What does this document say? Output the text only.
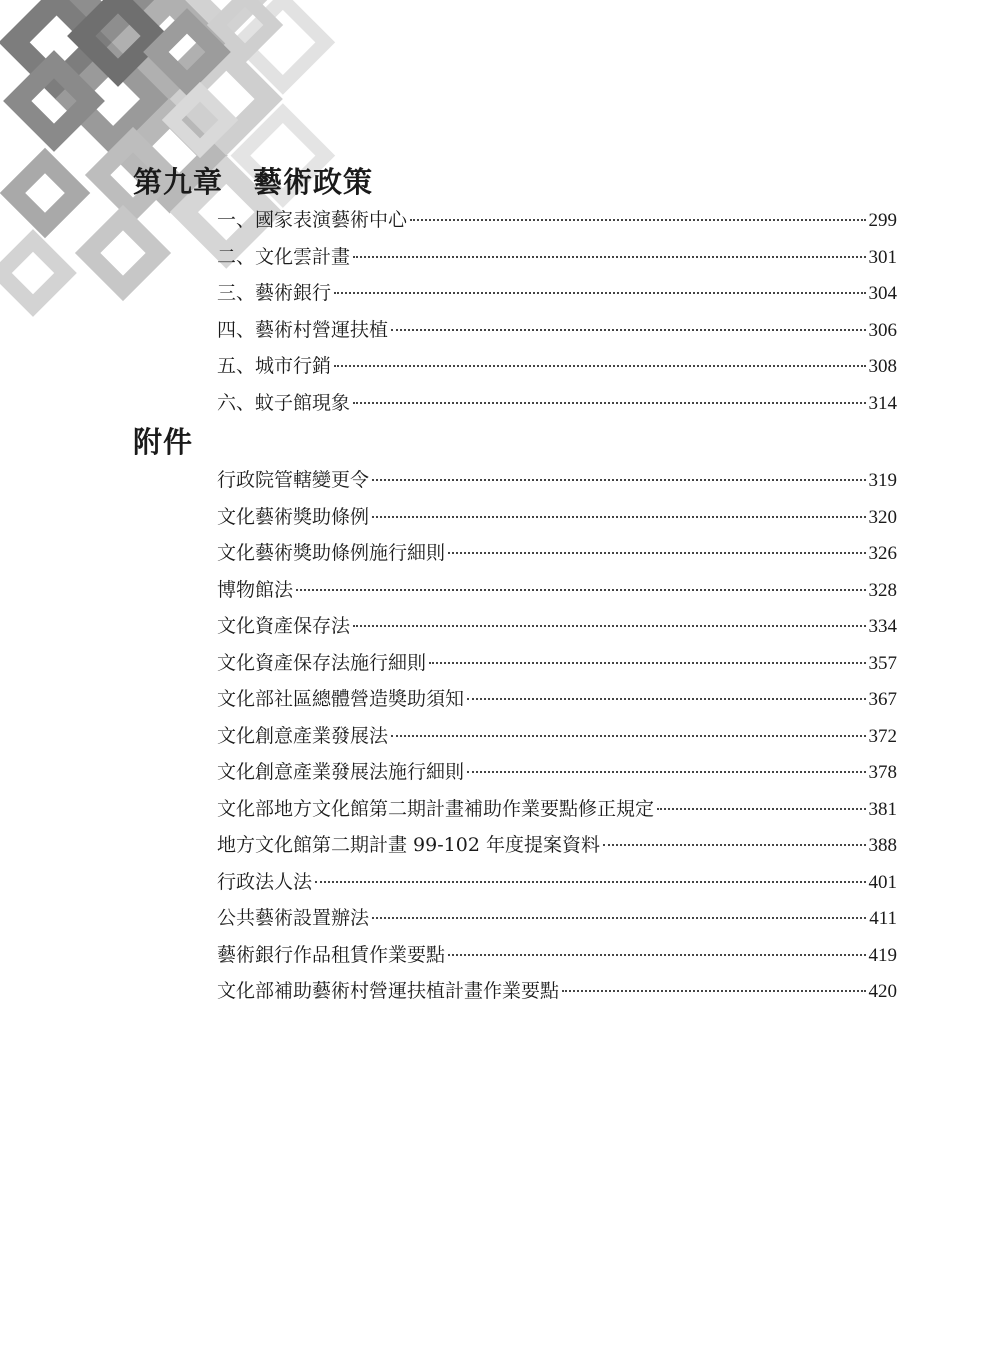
第九章 藝術政策
一、國家表演藝術中心	299
二、文化雲計畫	301
三、藝術銀行	304
四、藝術村營運扶植	306
五、城市行銷	308
六、蚊子館現象	314
附件
行政院管轄變更令	319
文化藝術獎助條例	320
文化藝術獎助條例施行細則	326
博物館法	328
文化資產保存法	334
文化資產保存法施行細則	357
文化部社區總體營造獎助須知	367
文化創意產業發展法	372
文化創意產業發展法施行細則	378
文化部地方文化館第二期計畫補助作業要點修正規定	381
地方文化館第二期計畫 99-102 年度提案資料	388
行政法人法	401
公共藝術設置辦法	411
藝術銀行作品租賃作業要點	419
文化部補助藝術村營運扶植計畫作業要點	420
